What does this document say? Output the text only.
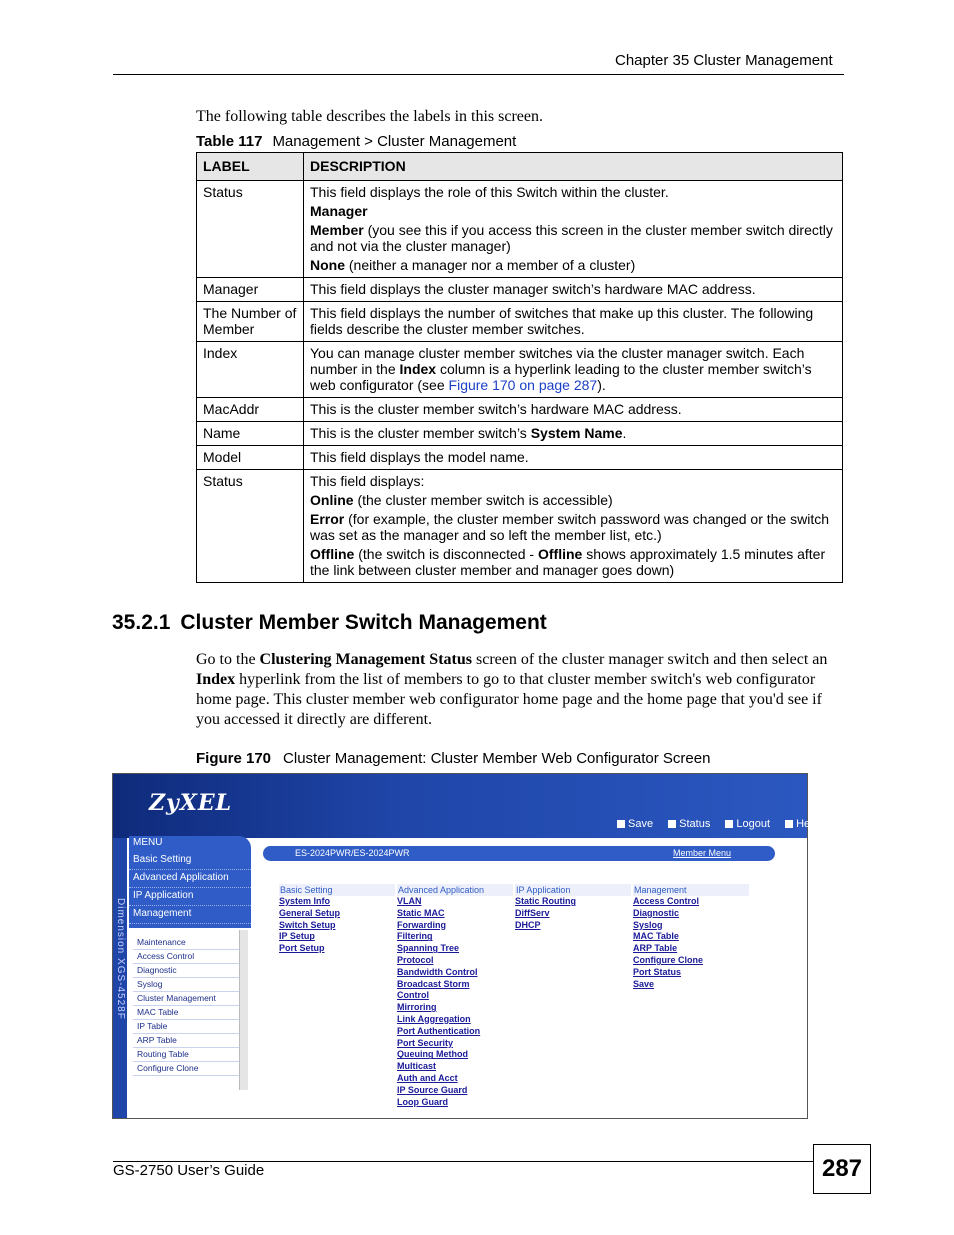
Chapter 35 Cluster Management
The following table describes the labels in this screen.
Table 117 Management > Cluster Management
LABEL	DESCRIPTION
Status	This field displays the role of this Switch within the cluster.

Manager

Member (you see this if you access this screen in the cluster member switch directly and not via the cluster manager)

None (neither a manager nor a member of a cluster)

Manager	This field displays the cluster manager switch’s hardware MAC address.
The Number of Member	This field displays the number of switches that make up this cluster. The following fields describe the cluster member switches.
Index	You can manage cluster member switches via the cluster manager switch. Each number in the Index column is a hyperlink leading to the cluster member switch’s web configurator (see Figure 170 on page 287).
MacAddr	This is the cluster member switch’s hardware MAC address.
Name	This is the cluster member switch’s System Name.
Model	This field displays the model name.
Status	This field displays:

Online (the cluster member switch is accessible)

Error (for example, the cluster member switch password was changed or the switch was set as the manager and so left the member list, etc.)

Offline (the switch is disconnected - Offline shows approximately 1.5 minutes after the link between cluster member and manager goes down)

35.2.1 Cluster Member Switch Management
Go to the Clustering Management Status screen of the cluster manager switch and then select an Index hyperlink from the list of members to go to that cluster member switch's web configurator home page. This cluster member web configurator home page and the home page that you'd see if you accessed it directly are different.
Figure 170 Cluster Management: Cluster Member Web Configurator Screen
ZyXEL
Save Status Logout Help
Dimension XGS-4528F
MENU
Basic Setting
Advanced Application
IP Application
Management
Maintenance
Access Control
Diagnostic
Syslog
Cluster Management
MAC Table
IP Table
ARP Table
Routing Table
Configure Clone
ES-2024PWR/ES-2024PWR	Member Menu
Basic Setting
System Info
General Setup
Switch Setup
IP Setup
Port Setup
Advanced Application
VLAN
Static MAC
Forwarding
Filtering
Spanning Tree
Protocol
Bandwidth Control
Broadcast Storm
Control
Mirroring
Link Aggregation
Port Authentication
Port Security
Queuing Method
Multicast
Auth and Acct
IP Source Guard
Loop Guard
IP Application
Static Routing
DiffServ
DHCP
Management
Access Control
Diagnostic
Syslog
MAC Table
ARP Table
Configure Clone
Port Status
Save
GS-2750 User’s Guide	287
